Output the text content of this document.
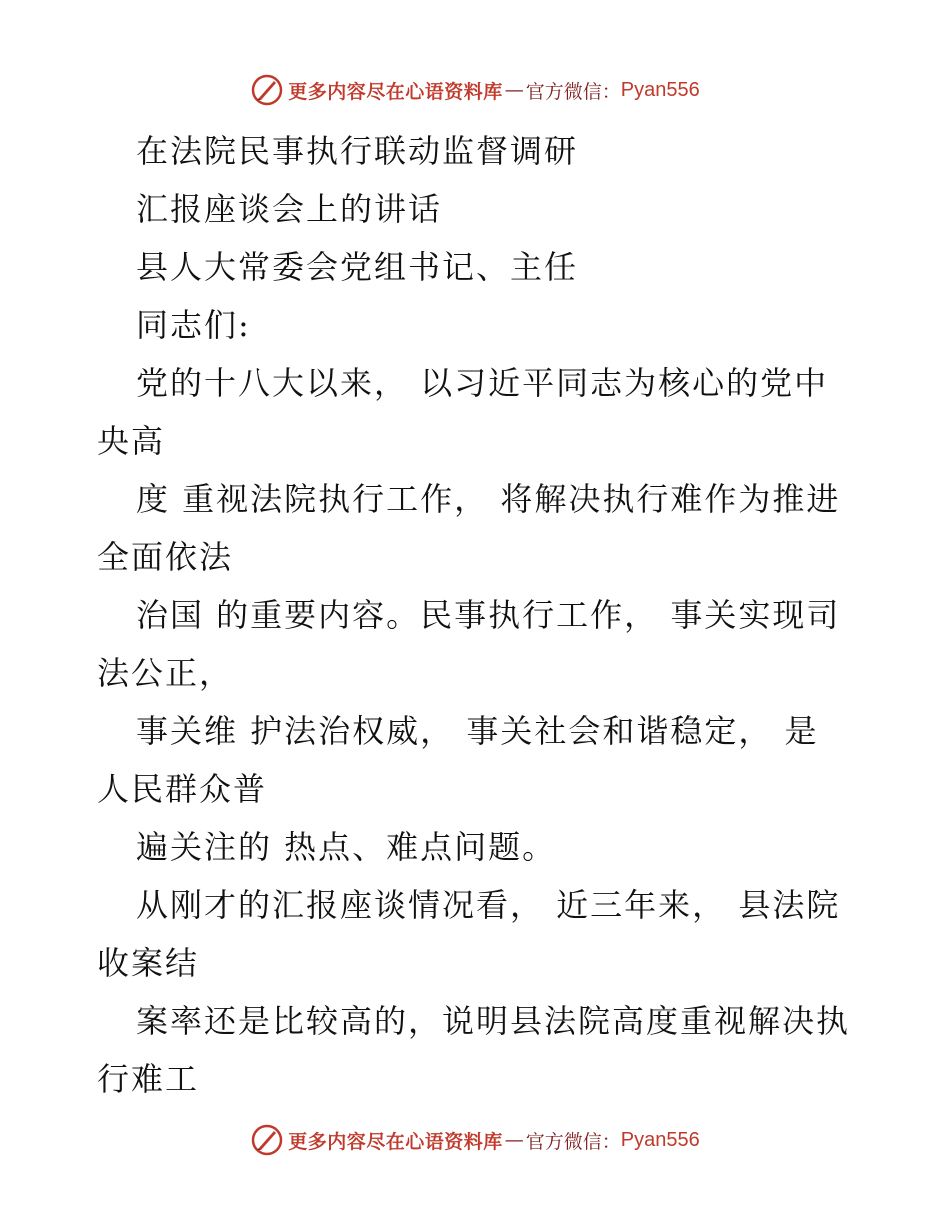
更多内容尽在心语资料库 — 官方微信： Pyan556
在法院民事执行联动监督调研
汇报座谈会上的讲话
县人大常委会党组书记、主任
同志们:
党的十八大以来， 以习近平同志为核心的党中
央高
度 重视法院执行工作， 将解决执行难作为推进
全面依法
治国 的重要内容。民事执行工作， 事关实现司
法公正，
事关维 护法治权威， 事关社会和谐稳定， 是
人民群众普
遍关注的 热点、难点问题。
从刚才的汇报座谈情况看， 近三年来， 县法院
收案结
案率还是比较高的，说明县法院高度重视解决执
行难工
更多内容尽在心语资料库 — 官方微信： Pyan556
